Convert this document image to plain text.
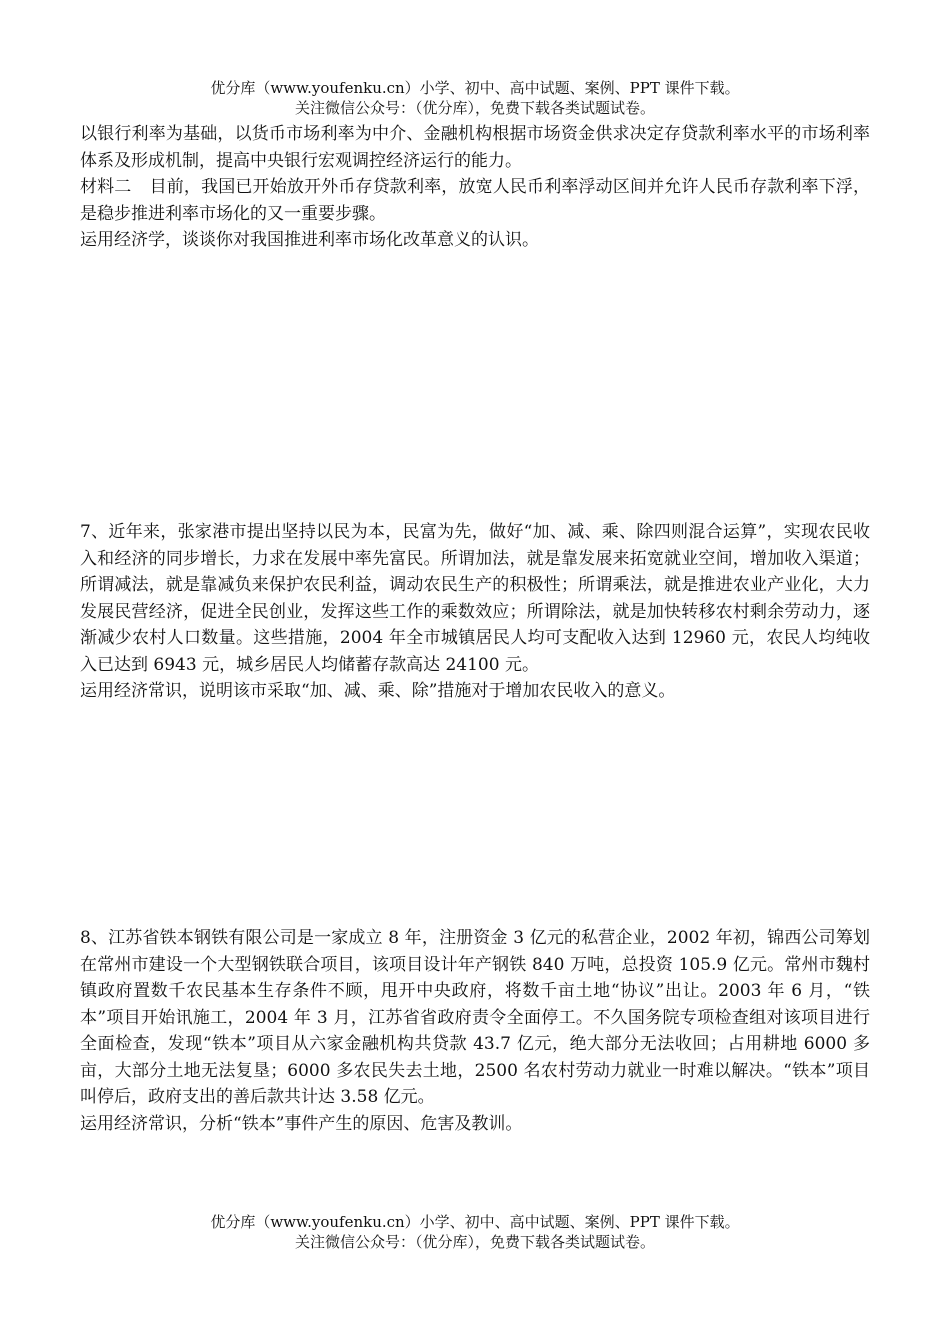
优分库（www.youfenku.cn）小学、初中、高中试题、案例、PPT 课件下载。
关注微信公众号：（优分库），免费下载各类试题试卷。

以银行利率为基础，以货币市场利率为中介、金融机构根据市场资金供求决定存贷款利率水平的市场利率体系及形成机制，提高中央银行宏观调控经济运行的能力。

材料二 目前，我国已开始放开外币存贷款利率，放宽人民币利率浮动区间并允许人民币存款利率下浮，是稳步推进利率市场化的又一重要步骤。

运用经济学，谈谈你对我国推进利率市场化改革意义的认识。

7、近年来，张家港市提出坚持以民为本，民富为先，做好“加、减、乘、除四则混合运算”，实现农民收入和经济的同步增长，力求在发展中率先富民。所谓加法，就是靠发展来拓宽就业空间，增加收入渠道；所谓减法，就是靠减负来保护农民利益，调动农民生产的积极性；所谓乘法，就是推进农业产业化，大力发展民营经济，促进全民创业，发挥这些工作的乘数效应；所谓除法，就是加快转移农村剩余劳动力，逐渐减少农村人口数量。这些措施，2004 年全市城镇居民人均可支配收入达到 12960 元，农民人均纯收入已达到 6943 元，城乡居民人均储蓄存款高达 24100 元。

运用经济常识，说明该市采取“加、减、乘、除”措施对于增加农民收入的意义。

8、江苏省铁本钢铁有限公司是一家成立 8 年，注册资金 3 亿元的私营企业，2002 年初，锦西公司筹划在常州市建设一个大型钢铁联合项目，该项目设计年产钢铁 840 万吨，总投资 105.9 亿元。常州市魏村镇政府置数千农民基本生存条件不顾，甩开中央政府，将数千亩土地“协议”出让。2003 年 6 月，“铁本”项目开始讯施工，2004 年 3 月，江苏省省政府责令全面停工。不久国务院专项检查组对该项目进行全面检查，发现“铁本”项目从六家金融机构共贷款 43.7 亿元，绝大部分无法收回；占用耕地 6000 多亩，大部分土地无法复垦；6000 多农民失去土地，2500 名农村劳动力就业一时难以解决。“铁本”项目叫停后，政府支出的善后款共计达 3.58 亿元。

运用经济常识，分析“铁本”事件产生的原因、危害及教训。

优分库（www.youfenku.cn）小学、初中、高中试题、案例、PPT 课件下载。
关注微信公众号：（优分库），免费下载各类试题试卷。
